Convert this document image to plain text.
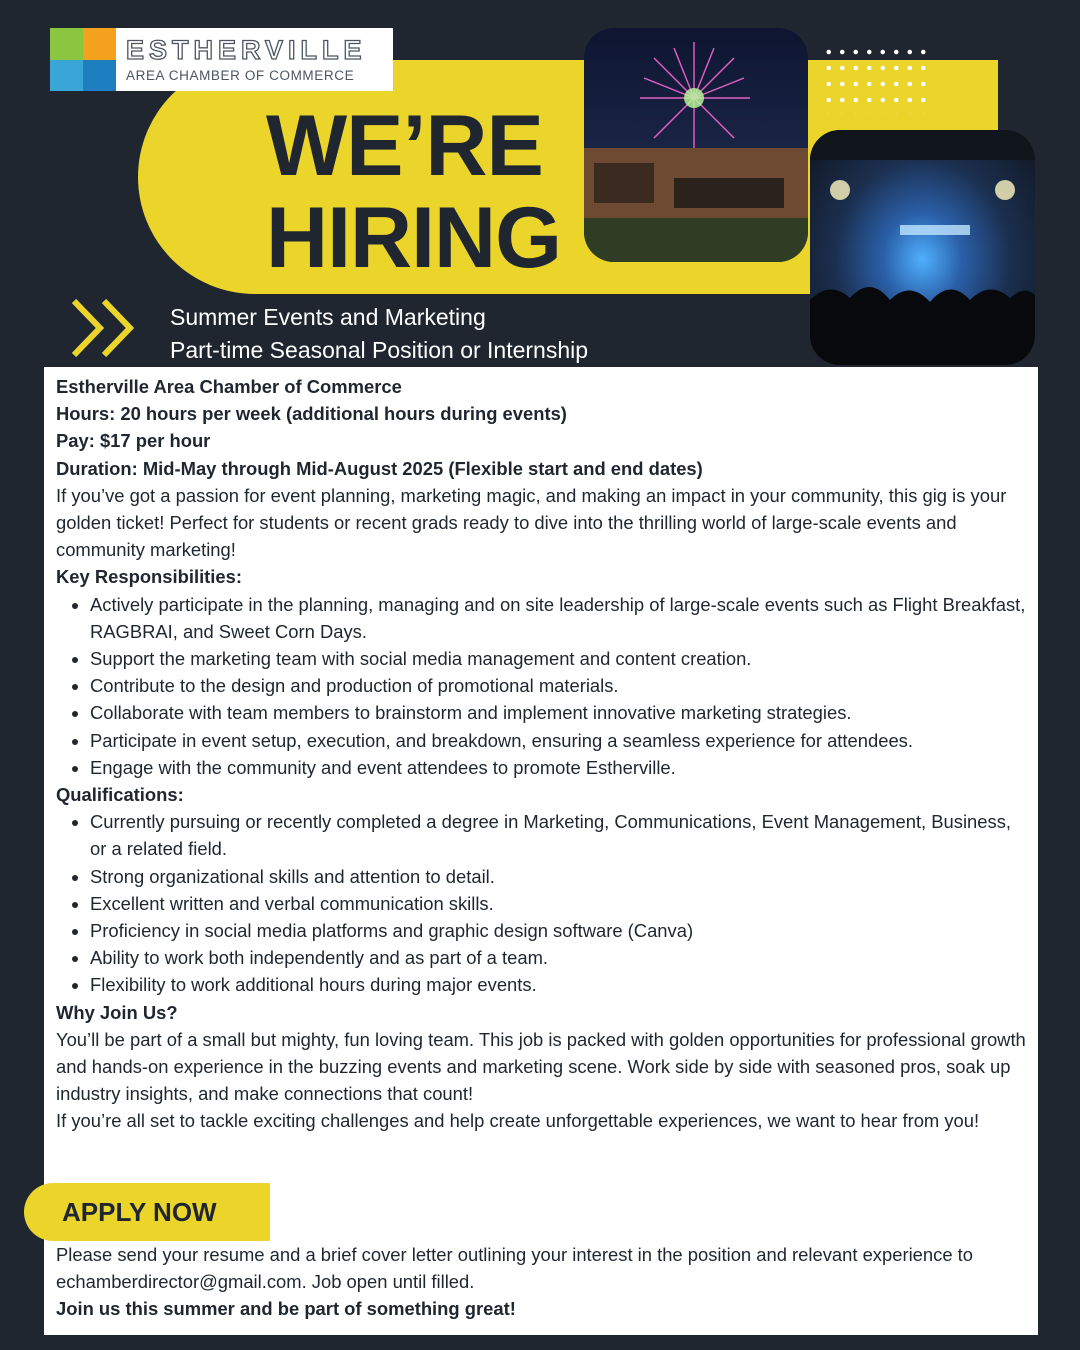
ESTHERVILLE
AREA CHAMBER OF COMMERCE
WE’RE
HIRING
Summer Events and Marketing
Part-time Seasonal Position or Internship

Estherville Area Chamber of Commerce

Hours: 20 hours per week (additional hours during events)

Pay: $17 per hour

Duration: Mid-May through Mid-August 2025 (Flexible start and end dates)

If you’ve got a passion for event planning, marketing magic, and making an impact in your community, this gig is your golden ticket! Perfect for students or recent grads ready to dive into the thrilling world of large-scale events and community marketing!

Key Responsibilities:

• Actively participate in the planning, managing and on site leadership of large-scale events such as Flight Breakfast, RAGBRAI, and Sweet Corn Days.
• Support the marketing team with social media management and content creation.
• Contribute to the design and production of promotional materials.
• Collaborate with team members to brainstorm and implement innovative marketing strategies.
• Participate in event setup, execution, and breakdown, ensuring a seamless experience for attendees.
• Engage with the community and event attendees to promote Estherville.

Qualifications:

• Currently pursuing or recently completed a degree in Marketing, Communications, Event Management, Business, or a related field.
• Strong organizational skills and attention to detail.
• Excellent written and verbal communication skills.
• Proficiency in social media platforms and graphic design software (Canva)
• Ability to work both independently and as part of a team.
• Flexibility to work additional hours during major events.

Why Join Us?

You’ll be part of a small but mighty, fun loving team. This job is packed with golden opportunities for professional growth and hands-on experience in the buzzing events and marketing scene. Work side by side with seasoned pros, soak up industry insights, and make connections that count!

If you’re all set to tackle exciting challenges and help create unforgettable experiences, we want to hear from you!

APPLY NOW

Please send your resume and a brief cover letter outlining your interest in the position and relevant experience to echamberdirector@gmail.com. Job open until filled.

Join us this summer and be part of something great!
